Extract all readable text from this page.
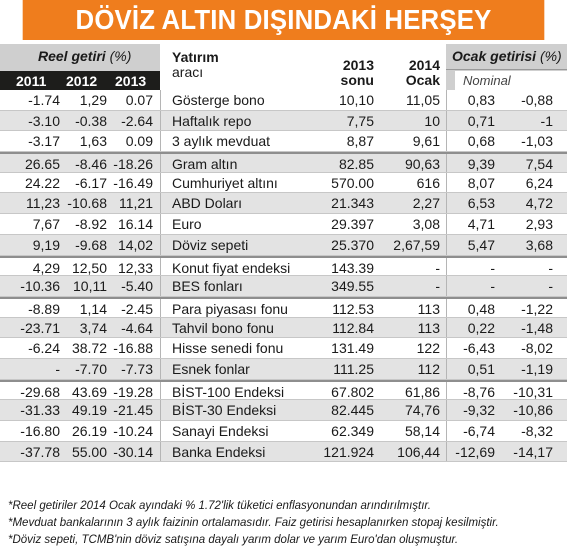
DÖVİZ ALTIN DIŞINDAKİ HERŞEY MAĞLUP
Reel getiri (%)
2011 2012 2013
Yatırım
aracı	2013
sonu
2014
Ocak
Ocak getirisi (%)
Nominal
-1.74 1,29 0.07 Gösterge bono	10,10 11,05 0,83 -0,88
-3.10 -0.38 -2.64 Haftalık repo	7,75	10 0,71	-1
-3.17 1,63 0.09 3 aylık mevduat	8,87	9,61 0,68 -1,03
26.65 -8.46 -18.26 Gram altın	82.85 90,63 9,39 7,54
24.22 -6.17 -16.49 Cumhuriyet altını	570.00	616 8,07 6,24
11,23 -10.68 11,21 ABD Doları	21.343	2,27 6,53 4,72
7,67 -8.92 16.14 Euro	29.397	3,08 4,71 2,93
9,19 -9.68 14,02 Döviz sepeti	25.370 2,67,59 5,47 3,68
4,29 12,50 12,33 Konut fiyat endeksi	143.39	-	-	-
-10.36 10,11 -5.40 BES fonları	349.55	-	-	-
-8.89 1,14 -2.45 Para piyasası fonu	112.53	113 0,48 -1,22
-23.71 3,74 -4.64 Tahvil bono fonu	112.84	113 0,22 -1,48
-6.24 38.72 -16.88 Hisse senedi fonu	131.49	122 -6,43 -8,02
- -7.70 -7.73 Esnek fonlar	111.25	112 0,51 -1,19
-29.68 43.69 -19.28 BİST-100 Endeksi	67.802 61,86 -8,76 -10,31
-31.33 49.19 -21.45 BİST-30 Endeksi	82.445 74,76 -9,32 -10,86
-16.80 26.19 -10.24 Sanayi Endeksi	62.349 58,14 -6,74 -8,32
-37.78 55.00 -30.14 Banka Endeksi	121.924 106,44 -12,69 -14,17
*Reel getiriler 2014 Ocak ayındaki % 1.72'lik tüketici enflasyonundan arındırılmıştır.
*Mevduat bankalarının 3 aylık faizinin ortalamasıdır. Faiz getirisi hesaplanırken stopaj kesilmiştir.
*Döviz sepeti, TCMB'nin döviz satışına dayalı yarım dolar ve yarım Euro'dan oluşmuştur.
